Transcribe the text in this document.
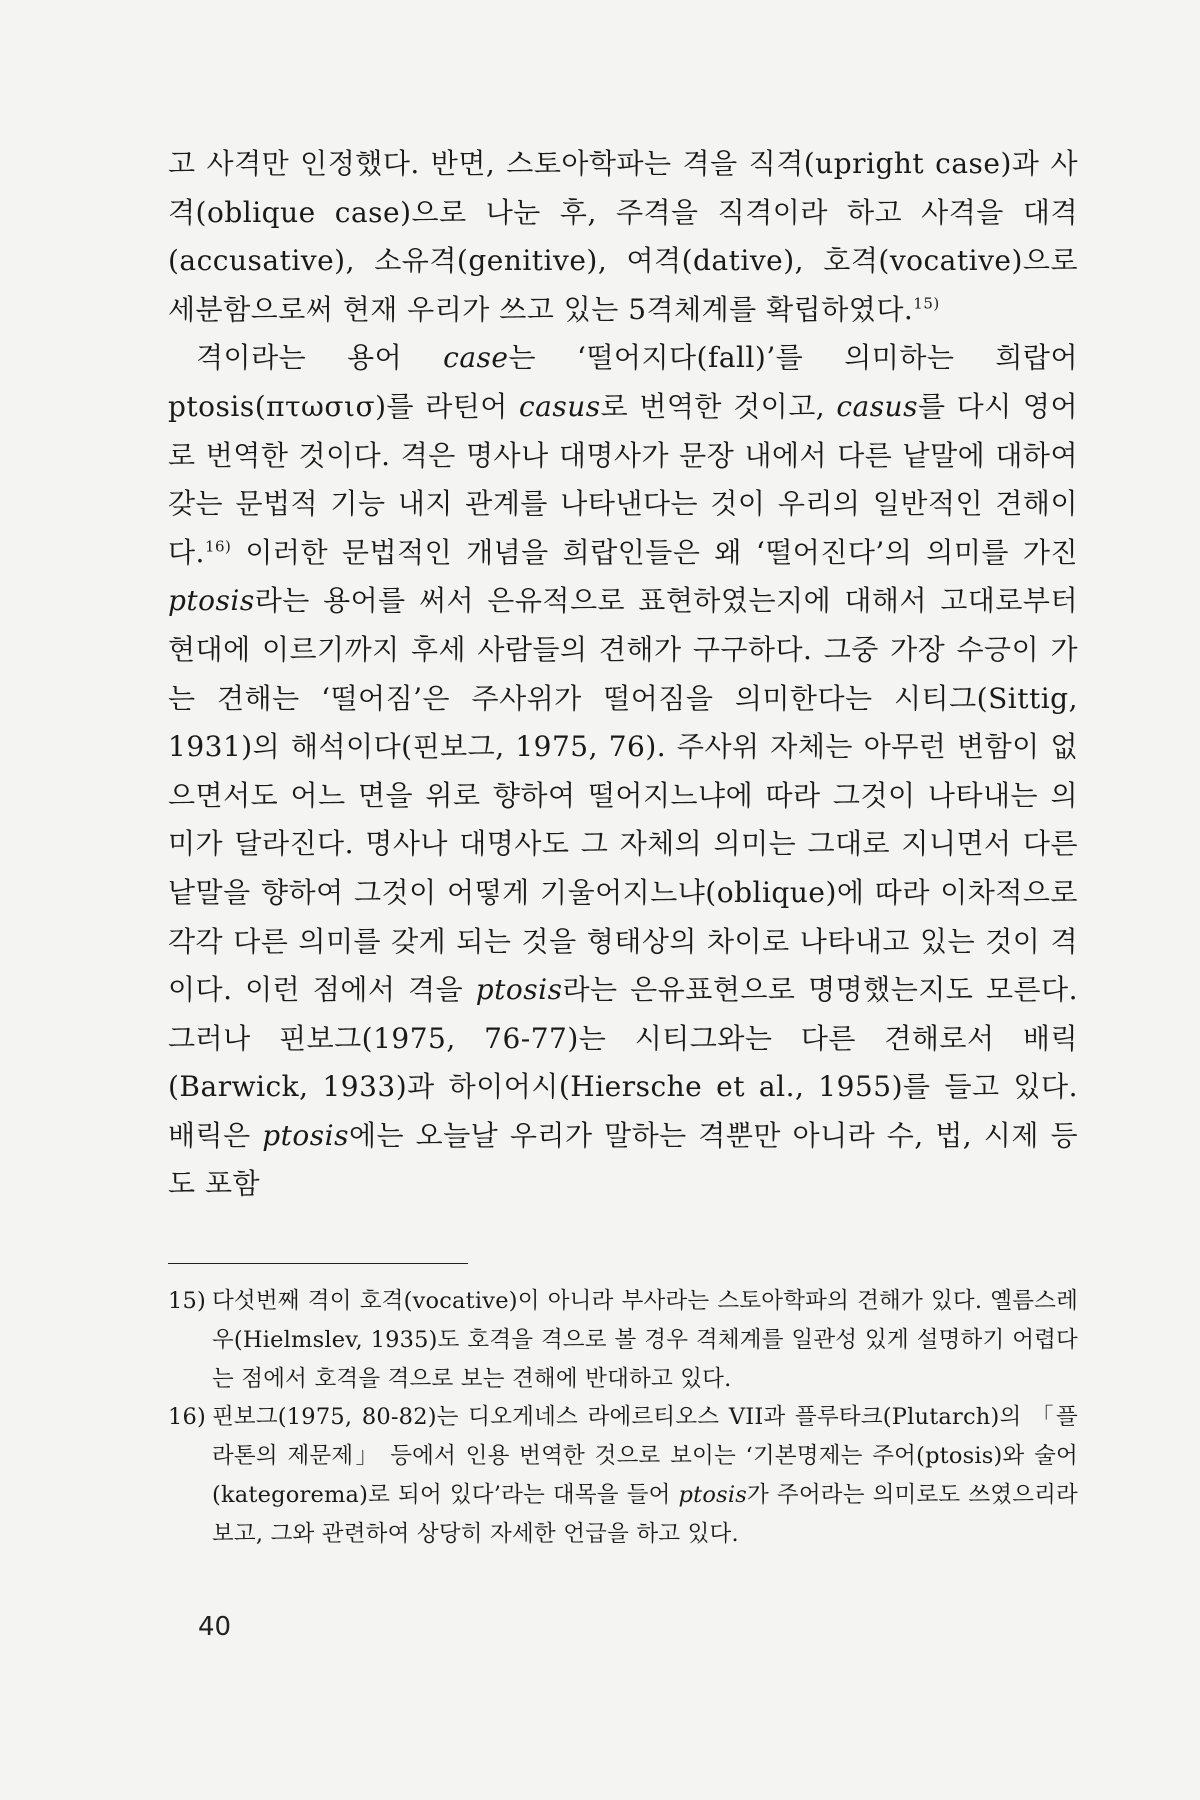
고 사격만 인정했다. 반면, 스토아학파는 격을 직격(upright case)과 사격(oblique case)으로 나눈 후, 주격을 직격이라 하고 사격을 대격(accusative), 소유격(genitive), 여격(dative), 호격(vocative)으로 세분함으로써 현재 우리가 쓰고 있는 5격체계를 확립하였다.$^{15)}$

격이라는 용어 case는 ‘떨어지다(fall)’를 의미하는 희랍어 ptosis(πτωσισ)를 라틴어 casus로 번역한 것이고, casus를 다시 영어로 번역한 것이다. 격은 명사나 대명사가 문장 내에서 다른 낱말에 대하여 갖는 문법적 기능 내지 관계를 나타낸다는 것이 우리의 일반적인 견해이다.$^{16)}$ 이러한 문법적인 개념을 희랍인들은 왜 ‘떨어진다’의 의미를 가진 ptosis라는 용어를 써서 은유적으로 표현하였는지에 대해서 고대로부터 현대에 이르기까지 후세 사람들의 견해가 구구하다. 그중 가장 수긍이 가는 견해는 ‘떨어짐’은 주사위가 떨어짐을 의미한다는 시티그(Sittig, 1931)의 해석이다(핀보그, 1975, 76). 주사위 자체는 아무런 변함이 없으면서도 어느 면을 위로 향하여 떨어지느냐에 따라 그것이 나타내는 의미가 달라진다. 명사나 대명사도 그 자체의 의미는 그대로 지니면서 다른 낱말을 향하여 그것이 어떻게 기울어지느냐(oblique)에 따라 이차적으로 각각 다른 의미를 갖게 되는 것을 형태상의 차이로 나타내고 있는 것이 격이다. 이런 점에서 격을 ptosis라는 은유표현으로 명명했는지도 모른다. 그러나 핀보그(1975, 76-77)는 시티그와는 다른 견해로서 배릭(Barwick, 1933)과 하이어시(Hiersche et al., 1955)를 들고 있다. 배릭은 ptosis에는 오늘날 우리가 말하는 격뿐만 아니라 수, 법, 시제 등도 포함

15) 다섯번째 격이 호격(vocative)이 아니라 부사라는 스토아학파의 견해가 있다. 옐름스레우(Hielmslev, 1935)도 호격을 격으로 볼 경우 격체계를 일관성 있게 설명하기 어렵다는 점에서 호격을 격으로 보는 견해에 반대하고 있다.
16) 핀보그(1975, 80-82)는 디오게네스 라에르티오스 VII과 플루타크(Plutarch)의 「플라톤의 제문제」 등에서 인용 번역한 것으로 보이는 ‘기본명제는 주어(ptosis)와 술어(kategorema)로 되어 있다’라는 대목을 들어 ptosis가 주어라는 의미로도 쓰였으리라 보고, 그와 관련하여 상당히 자세한 언급을 하고 있다.
40
